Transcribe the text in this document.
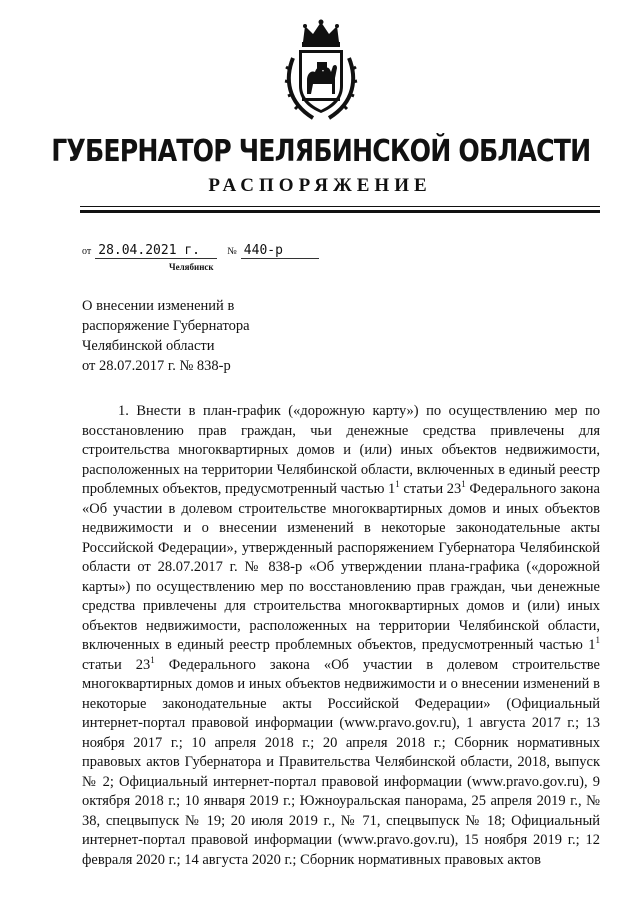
ГУБЕРНАТОР ЧЕЛЯБИНСКОЙ ОБЛАСТИ
РАСПОРЯЖЕНИЕ
от 28.04.2021 г.	№ 440-р
Челябинск
О внесении изменений в
распоряжение Губернатора
Челябинской области
от 28.07.2017 г. № 838-р

1. Внести в план-график («дорожную карту») по осуществлению мер по восстановлению прав граждан, чьи денежные средства привлечены для строительства многоквартирных домов и (или) иных объектов недвижимости, расположенных на территории Челябинской области, включенных в единый реестр проблемных объектов, предусмотренный частью $1^1$ статьи $23^1$ Федерального закона «Об участии в долевом строительстве многоквартирных домов и иных объектов недвижимости и о внесении изменений в некоторые законодательные акты Российской Федерации», утвержденный распоряжением Губернатора Челябинской области от 28.07.2017 г. № 838-р «Об утверждении плана-графика («дорожной карты») по осуществлению мер по восстановлению прав граждан, чьи денежные средства привлечены для строительства многоквартирных домов и (или) иных объектов недвижимости, расположенных на территории Челябинской области, включенных в единый реестр проблемных объектов, предусмотренный частью $1^1$ статьи $23^1$ Федерального закона «Об участии в долевом строительстве многоквартирных домов и иных объектов недвижимости и о внесении изменений в некоторые законодательные акты Российской Федерации» (Официальный интернет-портал правовой информации (www.pravo.gov.ru), 1 августа 2017 г.; 13 ноября 2017 г.; 10 апреля 2018 г.; 20 апреля 2018 г.; Сборник нормативных правовых актов Губернатора и Правительства Челябинской области, 2018, выпуск № 2; Официальный интернет-портал правовой информации (www.pravo.gov.ru), 9 октября 2018 г.; 10 января 2019 г.; Южноуральская панорама, 25 апреля 2019 г., № 38, спецвыпуск № 19; 20 июля 2019 г., № 71, спецвыпуск № 18; Официальный интернет-портал правовой информации (www.pravo.gov.ru), 15 ноября 2019 г.; 12 февраля 2020 г.; 14 августа 2020 г.; Сборник нормативных правовых актов
